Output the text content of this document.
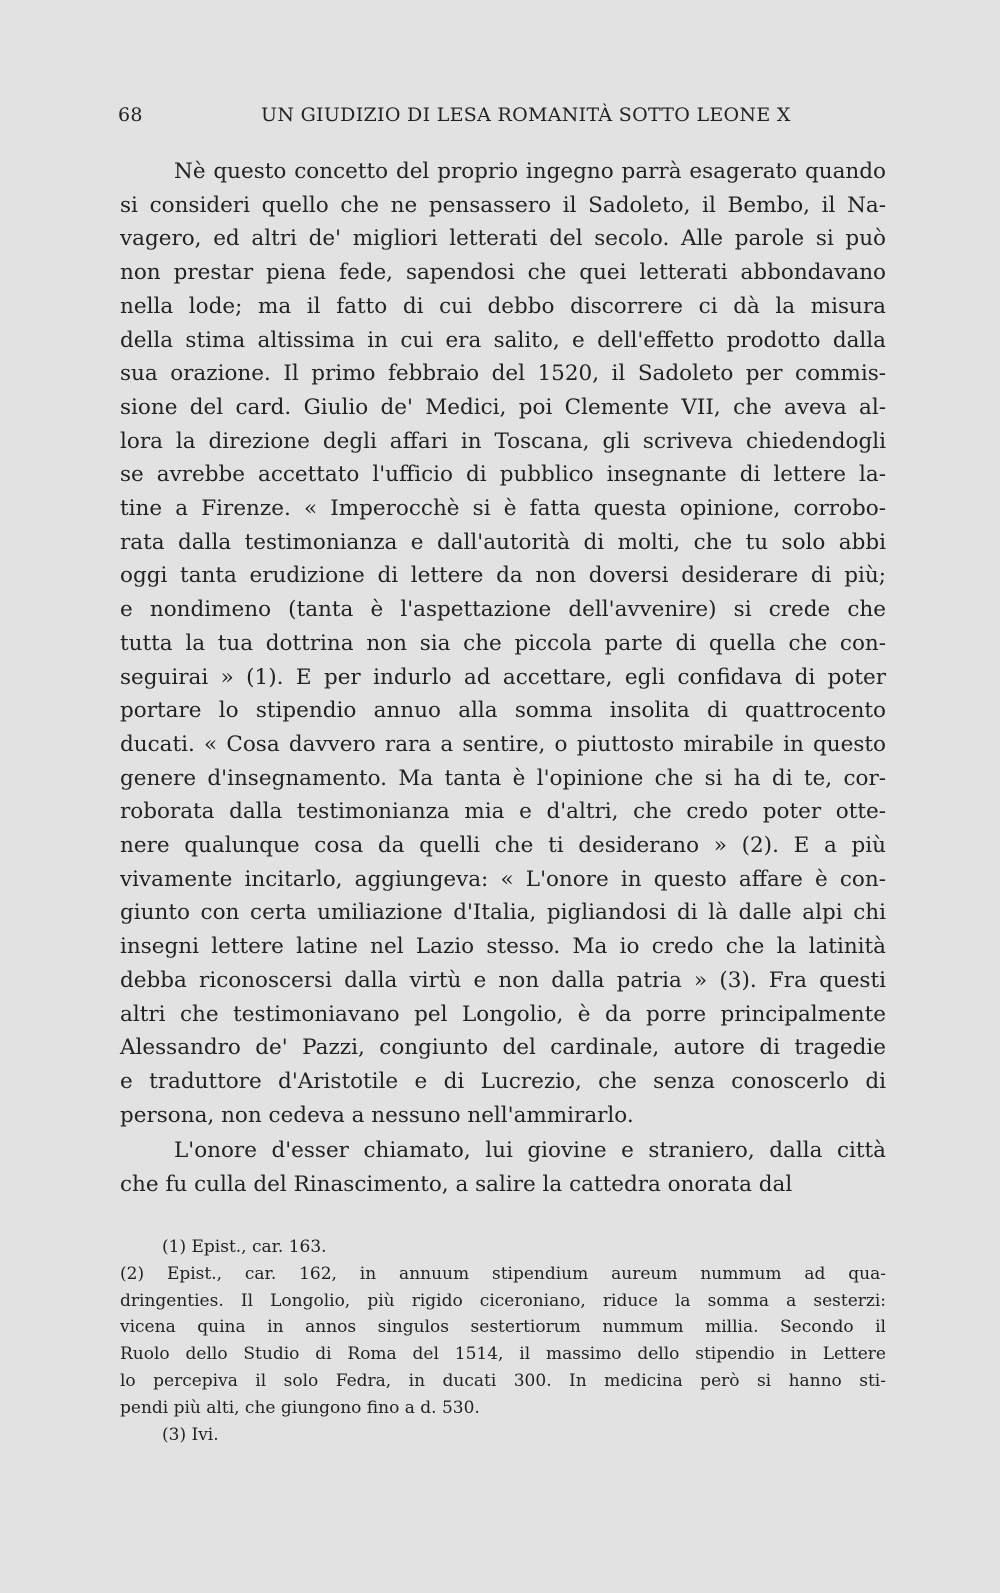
68	UN GIUDIZIO DI LESA ROMANITÀ SOTTO LEONE X

Nè questo concetto del proprio ingegno parrà esagerato quando

si consideri quello che ne pensassero il Sadoleto, il Bembo, il Na-

vagero, ed altri de' migliori letterati del secolo. Alle parole si può

non prestar piena fede, sapendosi che quei letterati abbondavano

nella lode; ma il fatto di cui debbo discorrere ci dà la misura

della stima altissima in cui era salito, e dell'effetto prodotto dalla

sua orazione. Il primo febbraio del 1520, il Sadoleto per commis-

sione del card. Giulio de' Medici, poi Clemente VII, che aveva al-

lora la direzione degli affari in Toscana, gli scriveva chiedendogli

se avrebbe accettato l'ufficio di pubblico insegnante di lettere la-

tine a Firenze. « Imperocchè si è fatta questa opinione, corrobo-

rata dalla testimonianza e dall'autorità di molti, che tu solo abbi

oggi tanta erudizione di lettere da non doversi desiderare di più;

e nondimeno (tanta è l'aspettazione dell'avvenire) si crede che

tutta la tua dottrina non sia che piccola parte di quella che con-

seguirai » (1). E per indurlo ad accettare, egli confidava di poter

portare lo stipendio annuo alla somma insolita di quattrocento

ducati. « Cosa davvero rara a sentire, o piuttosto mirabile in questo

genere d'insegnamento. Ma tanta è l'opinione che si ha di te, cor-

roborata dalla testimonianza mia e d'altri, che credo poter otte-

nere qualunque cosa da quelli che ti desiderano » (2). E a più

vivamente incitarlo, aggiungeva: « L'onore in questo affare è con-

giunto con certa umiliazione d'Italia, pigliandosi di là dalle alpi chi

insegni lettere latine nel Lazio stesso. Ma io credo che la latinità

debba riconoscersi dalla virtù e non dalla patria » (3). Fra questi

altri che testimoniavano pel Longolio, è da porre principalmente

Alessandro de' Pazzi, congiunto del cardinale, autore di tragedie

e traduttore d'Aristotile e di Lucrezio, che senza conoscerlo di

persona, non cedeva a nessuno nell'ammirarlo.

L'onore d'esser chiamato, lui giovine e straniero, dalla città

che fu culla del Rinascimento, a salire la cattedra onorata dal

(1) Epist., car. 163.

(2) Epist., car. 162, in annuum stipendium aureum nummum ad qua-

dringenties. Il Longolio, più rigido ciceroniano, riduce la somma a sesterzi:

vicena quina in annos singulos sestertiorum nummum millia. Secondo il

Ruolo dello Studio di Roma del 1514, il massimo dello stipendio in Lettere

lo percepiva il solo Fedra, in ducati 300. In medicina però si hanno sti-

pendi più alti, che giungono fino a d. 530.

(3) Ivi.
